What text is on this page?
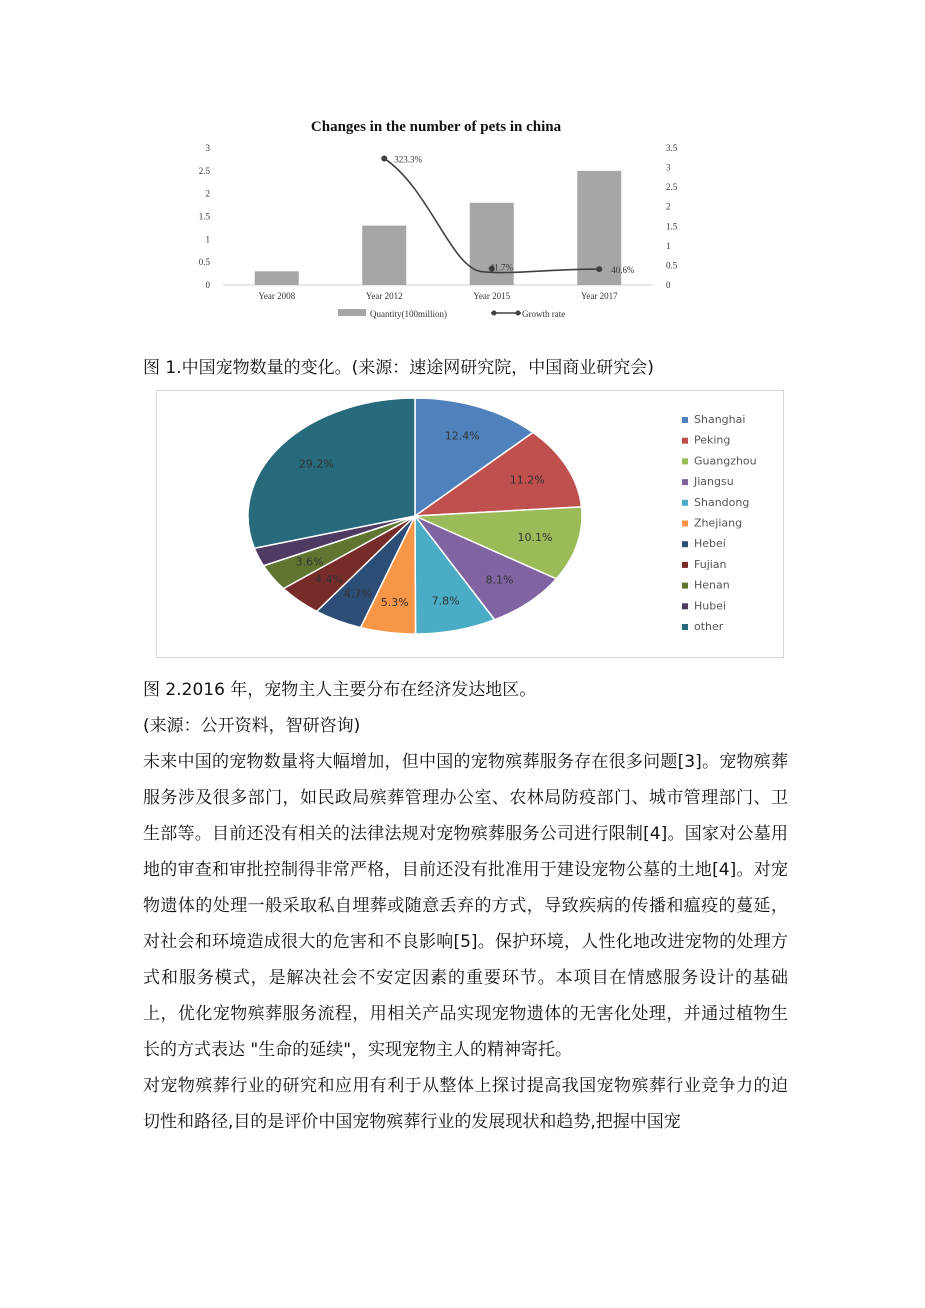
Changes in the number of pets in china
0
0.5
1
1.5
2
2.5
3
0
0.5
1
1.5
2
2.5
3
3.5
323.3%
41.7%	40.6%
Year 2008	Year 2012	Year 2015	Year 2017
Quantity(100million)	Growth rate
图 1.中国宠物数量的变化。(来源：速途网研究院，中国商业研究会)
12.4%
11.2%
10.1%
8.1%
7.8%
5.3%
4.7%
4.4%
3.6%
29.2%
Shanghai
Peking
Guangzhou
Jiangsu
Shandong
Zhejiang
Hebei
Fujian
Henan
Hubei
other
图 2.2016 年，宠物主人主要分布在经济发达地区。
(来源：公开资料，智研咨询)

未来中国的宠物数量将大幅增加，但中国的宠物殡葬服务存在很多问题[3]。宠物殡葬服务涉及很多部门，如民政局殡葬管理办公室、农林局防疫部门、城市管理部门、卫生部等。目前还没有相关的法律法规对宠物殡葬服务公司进行限制[4]。国家对公墓用地的审查和审批控制得非常严格，目前还没有批准用于建设宠物公墓的土地[4]。对宠物遗体的处理一般采取私自埋葬或随意丢弃的方式，导致疾病的传播和瘟疫的蔓延，对社会和环境造成很大的危害和不良影响[5]。保护环境，人性化地改进宠物的处理方式和服务模式，是解决社会不安定因素的重要环节。本项目在情感服务设计的基础上，优化宠物殡葬服务流程，用相关产品实现宠物遗体的无害化处理，并通过植物生长的方式表达 "生命的延续"，实现宠物主人的精神寄托。

对宠物殡葬行业的研究和应用有利于从整体上探讨提高我国宠物殡葬行业竞争力的迫切性和路径,目的是评价中国宠物殡葬行业的发展现状和趋势,把握中国宠
